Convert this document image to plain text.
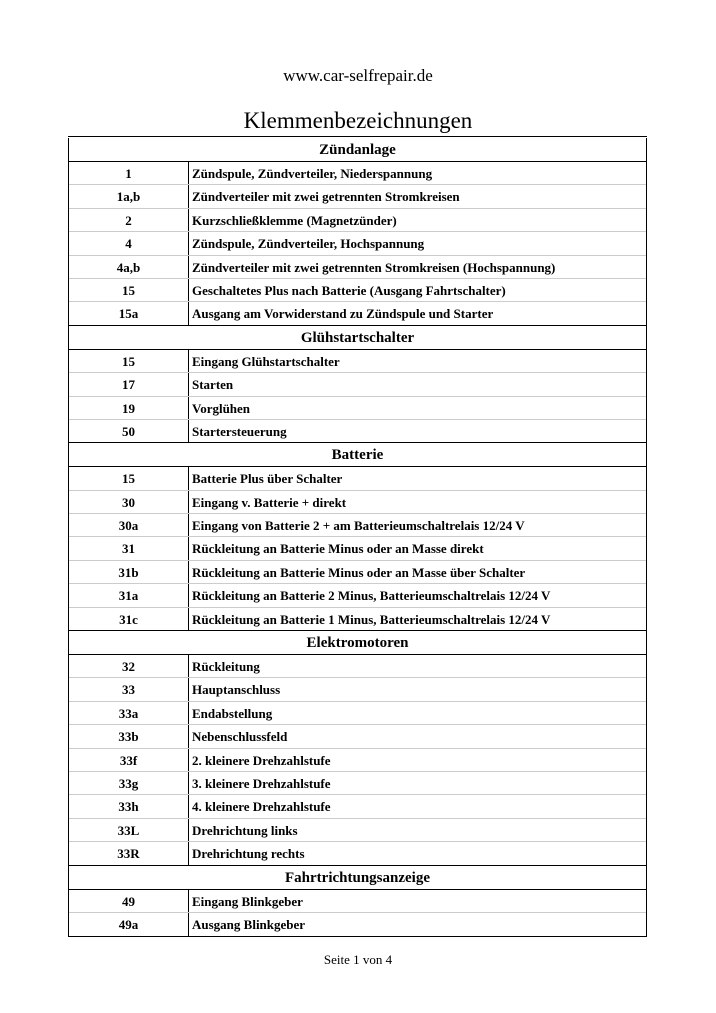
www.car-selfrepair.de
Klemmenbezeichnungen
Zündanlage
1	Zündspule, Zündverteiler, Niederspannung
1a,b	Zündverteiler mit zwei getrennten Stromkreisen
2	Kurzschließklemme (Magnetzünder)
4	Zündspule, Zündverteiler, Hochspannung
4a,b	Zündverteiler mit zwei getrennten Stromkreisen (Hochspannung)
15	Geschaltetes Plus nach Batterie (Ausgang Fahrtschalter)
15a	Ausgang am Vorwiderstand zu Zündspule und Starter
Glühstartschalter
15	Eingang Glühstartschalter
17	Starten
19	Vorglühen
50	Startersteuerung
Batterie
15	Batterie Plus über Schalter
30	Eingang v. Batterie + direkt
30a	Eingang von Batterie 2 + am Batterieumschaltrelais 12/24 V
31	Rückleitung an Batterie Minus oder an Masse direkt
31b	Rückleitung an Batterie Minus oder an Masse über Schalter
31a	Rückleitung an Batterie 2 Minus, Batterieumschaltrelais 12/24 V
31c	Rückleitung an Batterie 1 Minus, Batterieumschaltrelais 12/24 V
Elektromotoren
32	Rückleitung
33	Hauptanschluss
33a	Endabstellung
33b	Nebenschlussfeld
33f	2. kleinere Drehzahlstufe
33g	3. kleinere Drehzahlstufe
33h	4. kleinere Drehzahlstufe
33L	Drehrichtung links
33R	Drehrichtung rechts
Fahrtrichtungsanzeige
49	Eingang Blinkgeber
49a	Ausgang Blinkgeber
Seite 1 von 4
